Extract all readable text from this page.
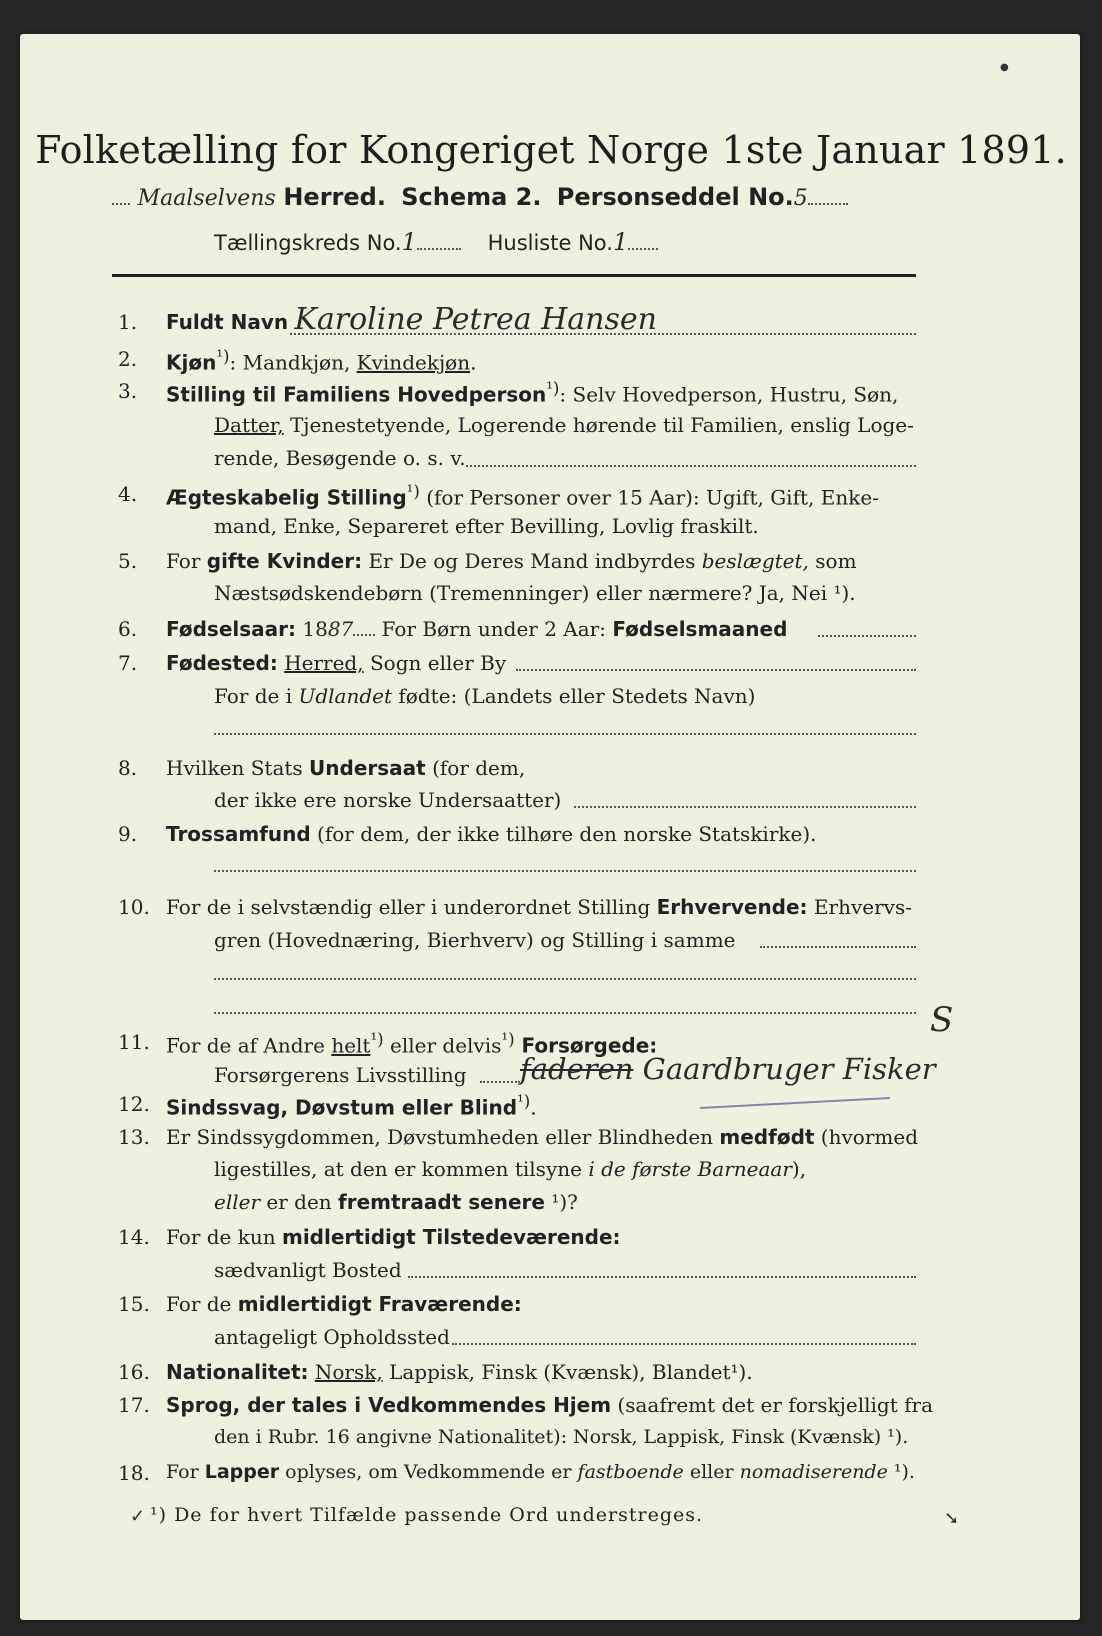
Folketælling for Kongeriget Norge 1ste Januar 1891.
Maalselvens Herred. Schema 2. Personseddel No.5
Tællingskreds No.1	Husliste No.1
1.	Fuldt Navn Karoline Petrea Hansen
2.	Kjøn$^{^1)}$: Mandkjøn, Kvindekjøn.
3.	Stilling til Familiens Hovedperson$^{^1)}$: Selv Hovedperson, Hustru, Søn,
Datter, Tjenestetyende, Logerende hørende til Familien, enslig Loge-
rende, Besøgende o. s. v.
4.	Ægteskabelig Stilling$^{^1)}$ (for Personer over 15 Aar): Ugift, Gift, Enke-
mand, Enke, Separeret efter Bevilling, Lovlig fraskilt.
5.	For gifte Kvinder: Er De og Deres Mand indbyrdes beslægtet, som
Næstsødskendebørn (Tremenninger) eller nærmere? Ja, Nei ¹).
6.	Fødselsaar: 1887 For Børn under 2 Aar: Fødselsmaaned
7.	Fødested: Herred, Sogn eller By
For de i Udlandet fødte: (Landets eller Stedets Navn)
8.	Hvilken Stats Undersaat (for dem,
der ikke ere norske Undersaatter)
9.	Trossamfund (for dem, der ikke tilhøre den norske Statskirke).
10. For de i selvstændig eller i underordnet Stilling Erhvervende: Erhvervs-
gren (Hovednæring, Bierhverv) og Stilling i samme
11. For de af Andre helt$^{^1)}$ eller delvis$^{^1)}$ Forsørgede:
S
Forsørgerens Livsstilling faderen Gaardbruger Fisker
12. Sindssvag, Døvstum eller Blind$^{^1)}$.
13. Er Sindssygdommen, Døvstumheden eller Blindheden medfødt (hvormed
ligestilles, at den er kommen tilsyne i de første Barneaar),
eller er den fremtraadt senere ¹)?
14. For de kun midlertidigt Tilstedeværende:
sædvanligt Bosted
15. For de midlertidigt Fraværende:
antageligt Opholdssted
16. Nationalitet: Norsk, Lappisk, Finsk (Kvænsk), Blandet¹).
17. Sprog, der tales i Vedkommendes Hjem (saafremt det er forskjelligt fra
den i Rubr. 16 angivne Nationalitet): Norsk, Lappisk, Finsk (Kvænsk) ¹).
18. For Lapper oplyses, om Vedkommende er fastboende eller nomadiserende ¹).
¹) De for hvert Tilfælde passende Ord understreges.
✓	➘
●
